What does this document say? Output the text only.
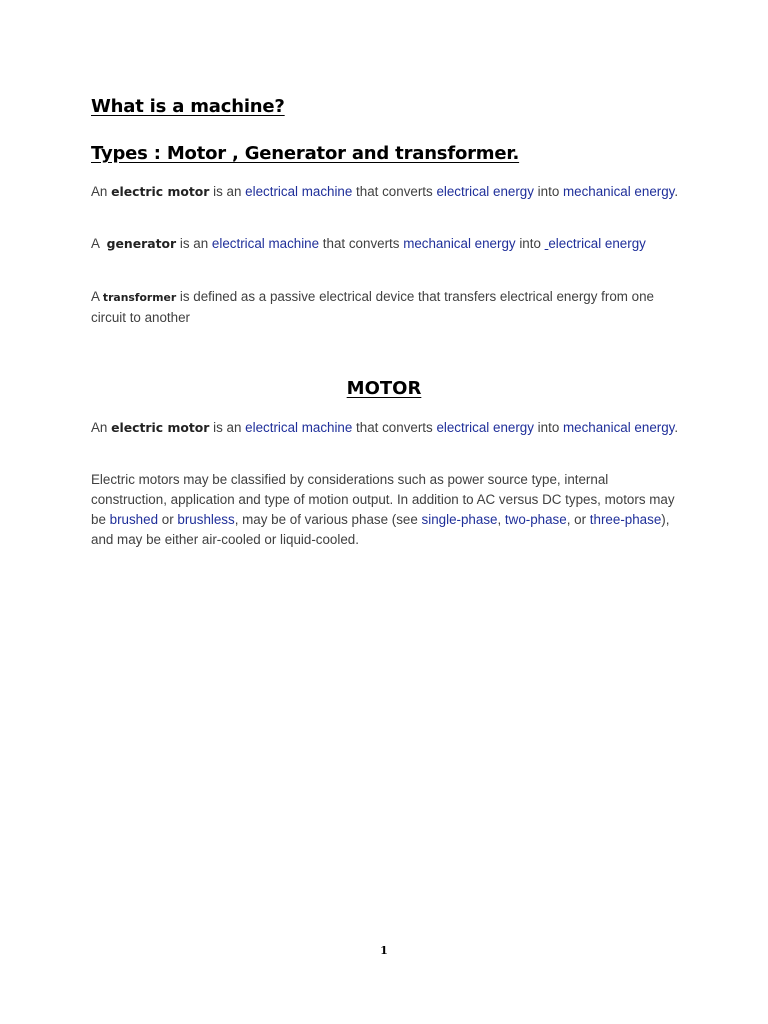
What is a machine?
Types : Motor , Generator and transformer.

An electric motor is an electrical machine that converts electrical energy into mechanical energy.

A  generator is an electrical machine that converts mechanical energy into  electrical energy

A transformer is defined as a passive electrical device that transfers electrical energy from one circuit to another

MOTOR

An electric motor is an electrical machine that converts electrical energy into mechanical energy.

Electric motors may be classified by considerations such as power source type, internal construction, application and type of motion output. In addition to AC versus DC types, motors may be brushed or brushless, may be of various phase (see single-phase, two-phase, or three-phase), and may be either air-cooled or liquid-cooled.

1
